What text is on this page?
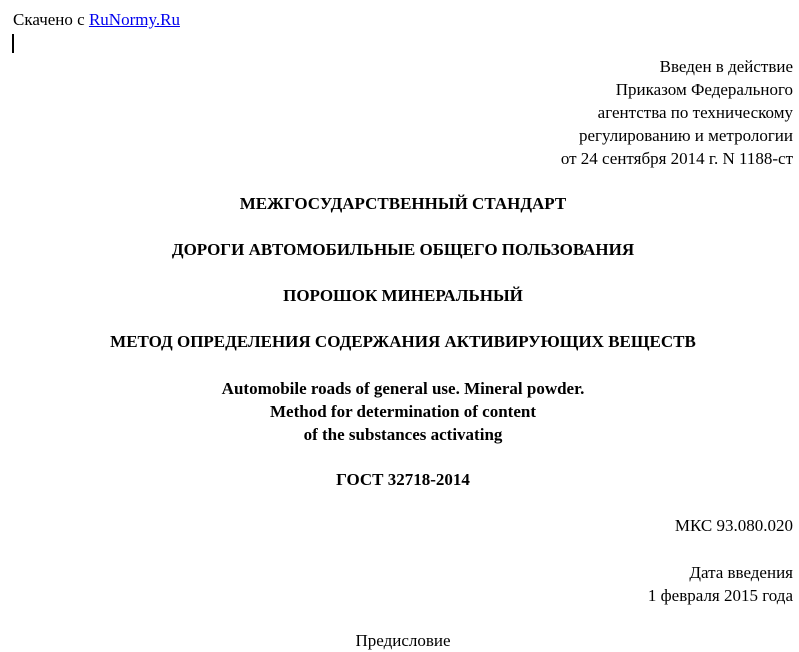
Скачено с RuNormy.Ru
Введен в действие
Приказом Федерального
агентства по техническому
регулированию и метрологии
от 24 сентября 2014 г. N 1188-ст
МЕЖГОСУДАРСТВЕННЫЙ СТАНДАРТ
ДОРОГИ АВТОМОБИЛЬНЫЕ ОБЩЕГО ПОЛЬЗОВАНИЯ
ПОРОШОК МИНЕРАЛЬНЫЙ
МЕТОД ОПРЕДЕЛЕНИЯ СОДЕРЖАНИЯ АКТИВИРУЮЩИХ ВЕЩЕСТВ
Automobile roads of general use. Mineral powder.
Method for determination of content
of the substances activating
ГОСТ 32718-2014
МКС 93.080.020
Дата введения
1 февраля 2015 года
Предисловие
